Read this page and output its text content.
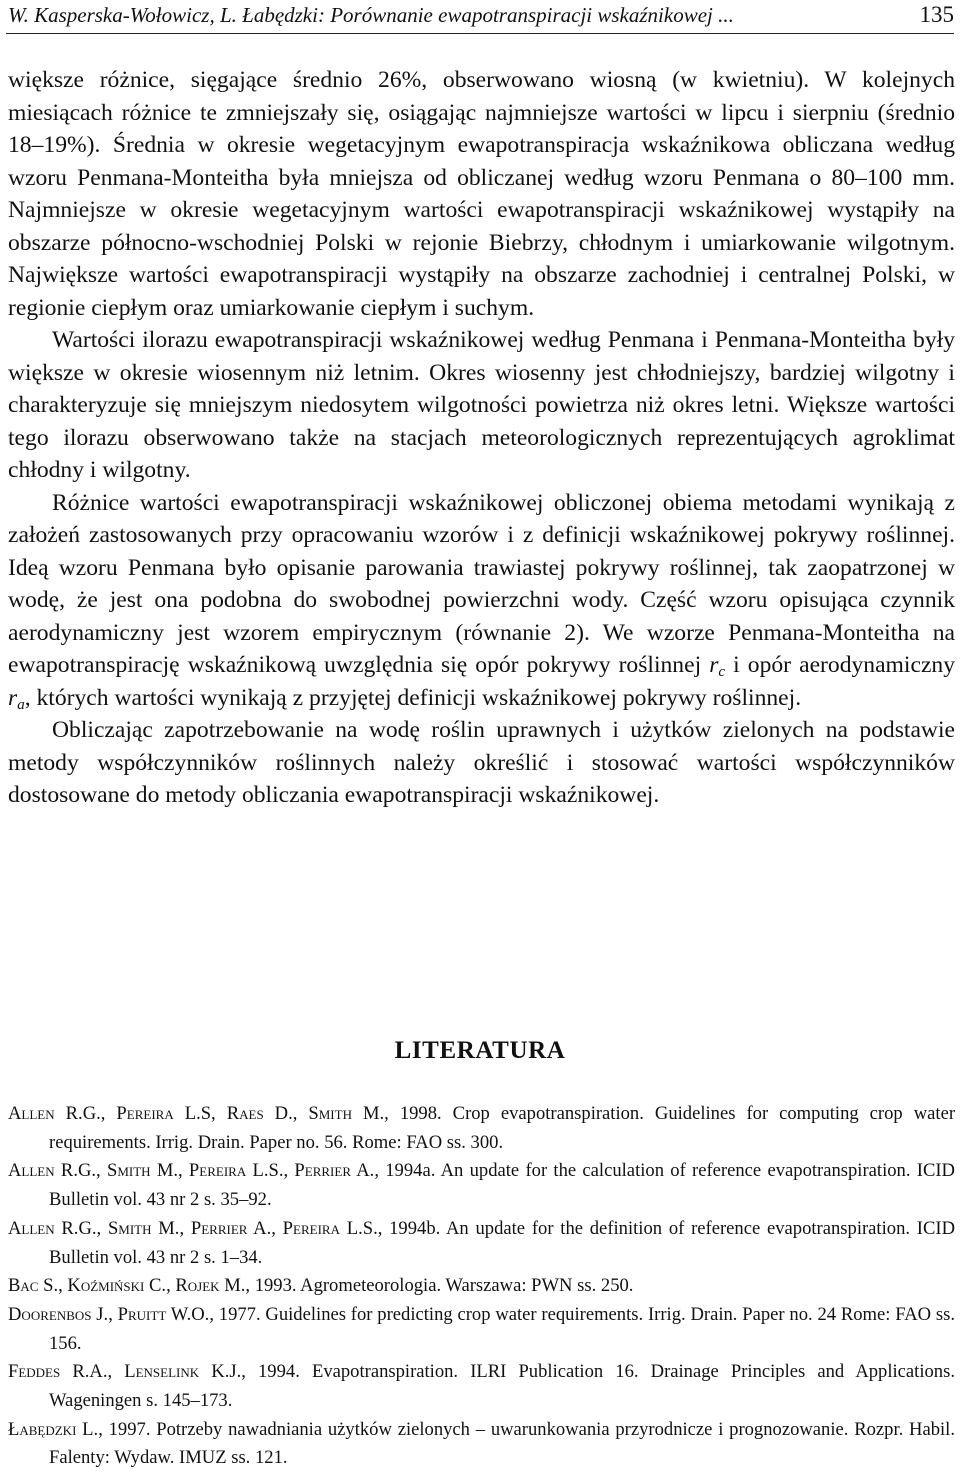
W. Kasperska-Wołowicz, L. Łabędzki: Porównanie ewapotranspiracji wskaźnikowej ...	135

większe różnice, sięgające średnio 26%, obserwowano wiosną (w kwietniu). W kolejnych miesiącach różnice te zmniejszały się, osiągając najmniejsze wartości w lipcu i sierpniu (średnio 18–19%). Średnia w okresie wegetacyjnym ewapotranspiracja wskaźnikowa obliczana według wzoru Penmana-Monteitha była mniejsza od obliczanej według wzoru Penmana o 80–100 mm. Najmniejsze w okresie wegetacyjnym wartości ewapotranspiracji wskaźnikowej wystąpiły na obszarze północno-wschodniej Polski w rejonie Biebrzy, chłodnym i umiarkowanie wilgotnym. Największe wartości ewapotranspiracji wystąpiły na obszarze zachodniej i centralnej Polski, w regionie ciepłym oraz umiarkowanie ciepłym i suchym.

Wartości ilorazu ewapotranspiracji wskaźnikowej według Penmana i Penmana-Monteitha były większe w okresie wiosennym niż letnim. Okres wiosenny jest chłodniejszy, bardziej wilgotny i charakteryzuje się mniejszym niedosytem wilgotności powietrza niż okres letni. Większe wartości tego ilorazu obserwowano także na stacjach meteorologicznych reprezentujących agroklimat chłodny i wilgotny.

Różnice wartości ewapotranspiracji wskaźnikowej obliczonej obiema metodami wynikają z założeń zastosowanych przy opracowaniu wzorów i z definicji wskaźnikowej pokrywy roślinnej. Ideą wzoru Penmana było opisanie parowania trawiastej pokrywy roślinnej, tak zaopatrzonej w wodę, że jest ona podobna do swobodnej powierzchni wody. Część wzoru opisująca czynnik aerodynamiczny jest wzorem empirycznym (równanie 2). We wzorze Penmana-Monteitha na ewapotranspirację wskaźnikową uwzględnia się opór pokrywy roślinnej $r_c$ i opór aerodynamiczny $r_a$, których wartości wynikają z przyjętej definicji wskaźnikowej pokrywy roślinnej.

Obliczając zapotrzebowanie na wodę roślin uprawnych i użytków zielonych na podstawie metody współczynników roślinnych należy określić i stosować wartości współczynników dostosowane do metody obliczania ewapotranspiracji wskaźnikowej.

LITERATURA
Allen R.G., Pereira L.S, Raes D., Smith M., 1998. Crop evapotranspiration. Guidelines for computing crop water requirements. Irrig. Drain. Paper no. 56. Rome: FAO ss. 300.
Allen R.G., Smith M., Pereira L.S., Perrier A., 1994a. An update for the calculation of reference evapotranspiration. ICID Bulletin vol. 43 nr 2 s. 35–92.
Allen R.G., Smith M., Perrier A., Pereira L.S., 1994b. An update for the definition of reference evapotranspiration. ICID Bulletin vol. 43 nr 2 s. 1–34.
Bac S., Koźmiński C., Rojek M., 1993. Agrometeorologia. Warszawa: PWN ss. 250.
Doorenbos J., Pruitt W.O., 1977. Guidelines for predicting crop water requirements. Irrig. Drain. Paper no. 24 Rome: FAO ss. 156.
Feddes R.A., Lenselink K.J., 1994. Evapotranspiration. ILRI Publication 16. Drainage Principles and Applications. Wageningen s. 145–173.
Łabędzki L., 1997. Potrzeby nawadniania użytków zielonych – uwarunkowania przyrodnicze i prognozowanie. Rozpr. Habil. Falenty: Wydaw. IMUZ ss. 121.
